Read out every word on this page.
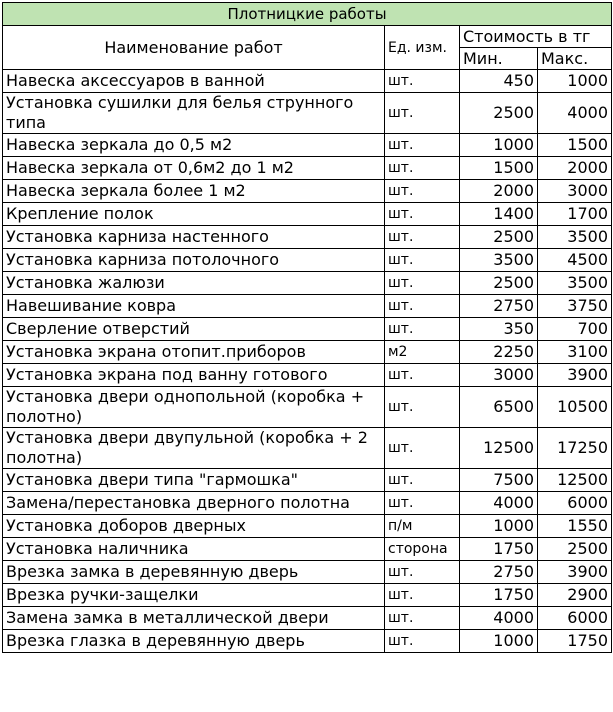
Плотницкие работы			
Наименование работ	Ед. изм.	Стоимость в тг	
		Мин.	Макс.
Навеска аксессуаров в ванной	шт.	450	1000
Установка сушилки для белья струнного типа	шт.	2500	4000
Навеска зеркала до 0,5 м2	шт.	1000	1500
Навеска зеркала от 0,6м2 до 1 м2	шт.	1500	2000
Навеска зеркала более 1 м2	шт.	2000	3000
Крепление полок	шт.	1400	1700
Установка карниза настенного	шт.	2500	3500
Установка карниза потолочного	шт.	3500	4500
Установка жалюзи	шт.	2500	3500
Навешивание ковра	шт.	2750	3750
Сверление отверстий	шт.	350	700
Установка экрана отопит.приборов	м2	2250	3100
Установка экрана под ванну готового	шт.	3000	3900
Установка двери однопольной (коробка + полотно)	шт.	6500	10500
Установка двери двупульной (коробка + 2 полотна)	шт.	12500	17250
Установка двери типа "гармошка"	шт.	7500	12500
Замена/перестановка дверного полотна	шт.	4000	6000
Установка доборов дверных	п/м	1000	1550
Установка наличника	сторона	1750	2500
Врезка замка в деревянную дверь	шт.	2750	3900
Врезка ручки-защелки	шт.	1750	2900
Замена замка в металлической двери	шт.	4000	6000
Врезка глазка в деревянную дверь	шт.	1000	1750
